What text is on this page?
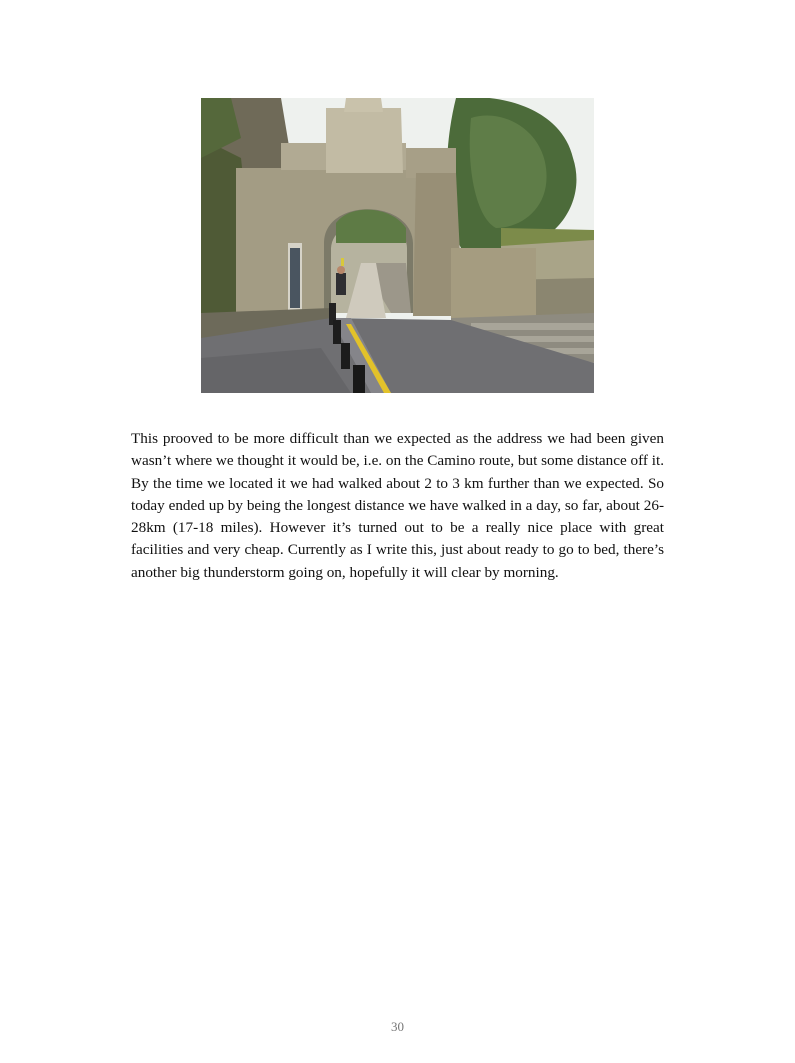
This prooved to be more difficult than we expected as the address we had been given wasn’t where we thought it would be, i.e. on the Camino route, but some distance off it. By the time we located it we had walked about 2 to 3 km further than we expected. So today ended up by being the longest distance we have walked in a day, so far, about 26-28km (17-18 miles). However it’s turned out to be a really nice place with great facilities and very cheap. Currently as I write this, just about ready to go to bed, there’s another big thunderstorm going on, hopefully it will clear by morning.

30
